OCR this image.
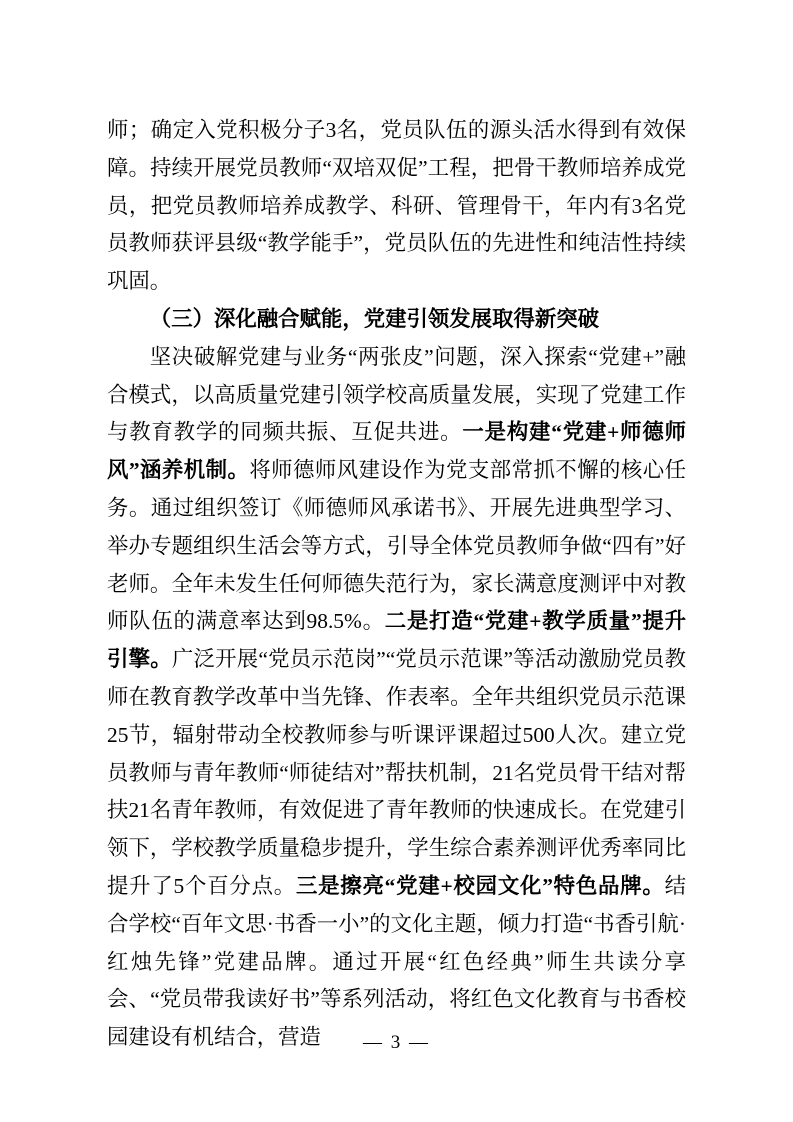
师；确定入党积极分子3名，党员队伍的源头活水得到有效保障。持续开展党员教师“双培双促”工程，把骨干教师培养成党员，把党员教师培养成教学、科研、管理骨干，年内有3名党员教师获评县级“教学能手”，党员队伍的先进性和纯洁性持续巩固。

（三）深化融合赋能，党建引领发展取得新突破

坚决破解党建与业务“两张皮”问题，深入探索“党建+”融合模式，以高质量党建引领学校高质量发展，实现了党建工作与教育教学的同频共振、互促共进。一是构建“党建+师德师风”涵养机制。将师德师风建设作为党支部常抓不懈的核心任务。通过组织签订《师德师风承诺书》、开展先进典型学习、举办专题组织生活会等方式，引导全体党员教师争做“四有”好老师。全年未发生任何师德失范行为，家长满意度测评中对教师队伍的满意率达到98.5%。二是打造“党建+教学质量”提升引擎。广泛开展“党员示范岗”“党员示范课”等活动激励党员教师在教育教学改革中当先锋、作表率。全年共组织党员示范课25节，辐射带动全校教师参与听课评课超过500人次。建立党员教师与青年教师“师徒结对”帮扶机制，21名党员骨干结对帮扶21名青年教师，有效促进了青年教师的快速成长。在党建引领下，学校教学质量稳步提升，学生综合素养测评优秀率同比提升了5个百分点。三是擦亮“党建+校园文化”特色品牌。结合学校“百年文思·书香一小”的文化主题，倾力打造“书香引航·红烛先锋”党建品牌。通过开展“红色经典”师生共读分享会、“党员带我读好书”等系列活动，将红色文化教育与书香校园建设有机结合，营造	— 3 —
